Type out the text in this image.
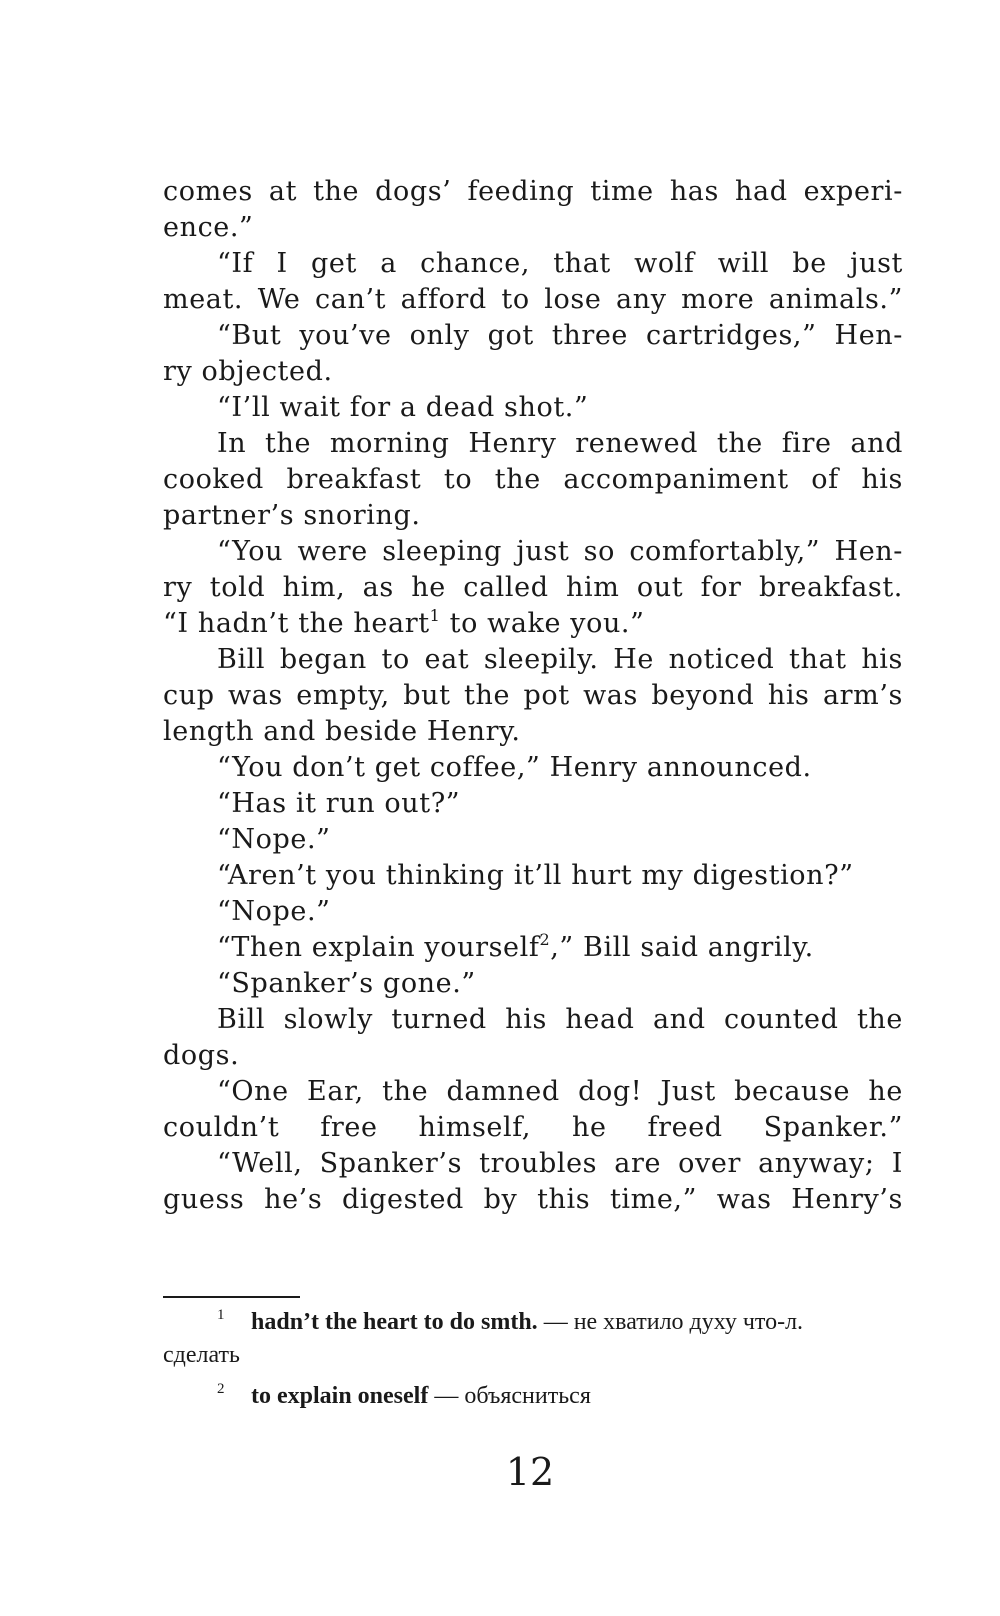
comes at the dogs’ feeding time has had experi-
ence.”
“If I get a chance, that wolf will be just
meat. We can’t afford to lose any more animals.”
“But you’ve only got three cartridges,” Hen-
ry objected.
“I’ll wait for a dead shot.”
In the morning Henry renewed the fire and
cooked breakfast to the accompaniment of his
partner’s snoring.
“You were sleeping just so comfortably,” Hen-
ry told him, as he called him out for breakfast.
“I hadn’t the heart$^1$ to wake you.”
Bill began to eat sleepily. He noticed that his
cup was empty, but the pot was beyond his arm’s
length and beside Henry.
“You don’t get coffee,” Henry announced.
“Has it run out?”
“Nope.”
“Aren’t you thinking it’ll hurt my digestion?”
“Nope.”
“Then explain yourself$^2$,” Bill said angrily.
“Spanker’s gone.”
Bill slowly turned his head and counted the
dogs.
“One Ear, the damned dog! Just because he
couldn’t free himself, he freed Spanker.”
“Well, Spanker’s troubles are over anyway; I
guess he’s digested by this time,” was Henry’s
1 hadn’t the heart to do smth. — не хватило духу что-л.
сделать
2 to explain oneself — объясниться
12
